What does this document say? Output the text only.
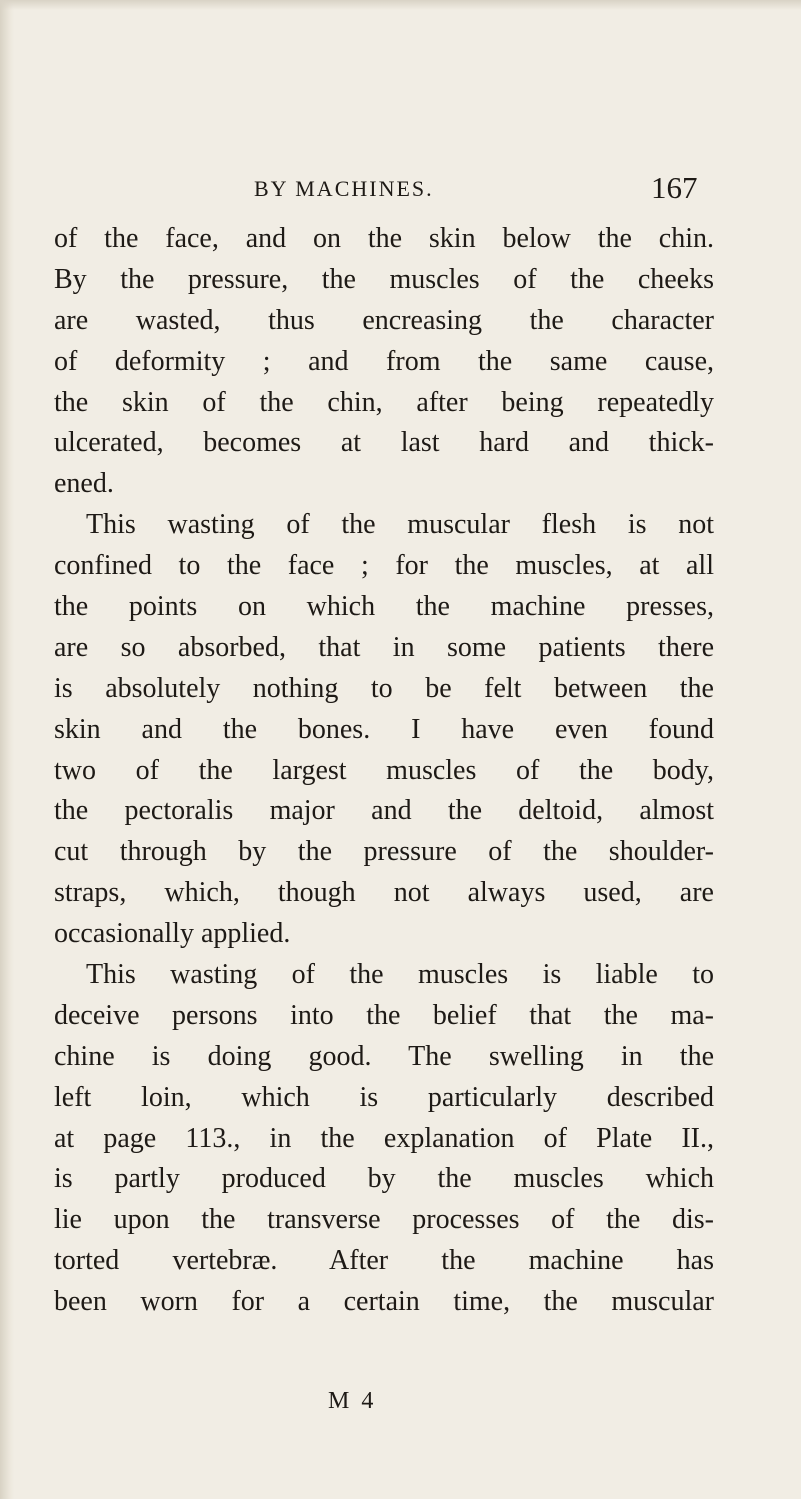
BY MACHINES.	167
of the face, and on the skin below the chin.
By the pressure, the muscles of the cheeks
are wasted, thus encreasing the character
of deformity ; and from the same cause,
the skin of the chin, after being repeatedly
ulcerated, becomes at last hard and thick-
ened.
This wasting of the muscular flesh is not
confined to the face ; for the muscles, at all
the points on which the machine presses,
are so absorbed, that in some patients there
is absolutely nothing to be felt between the
skin and the bones. I have even found
two of the largest muscles of the body,
the pectoralis major and the deltoid, almost
cut through by the pressure of the shoulder-
straps, which, though not always used, are
occasionally applied.
This wasting of the muscles is liable to
deceive persons into the belief that the ma-
chine is doing good. The swelling in the
left loin, which is particularly described
at page 113., in the explanation of Plate II.,
is partly produced by the muscles which
lie upon the transverse processes of the dis-
torted vertebræ. After the machine has
been worn for a certain time, the muscular
M 4
